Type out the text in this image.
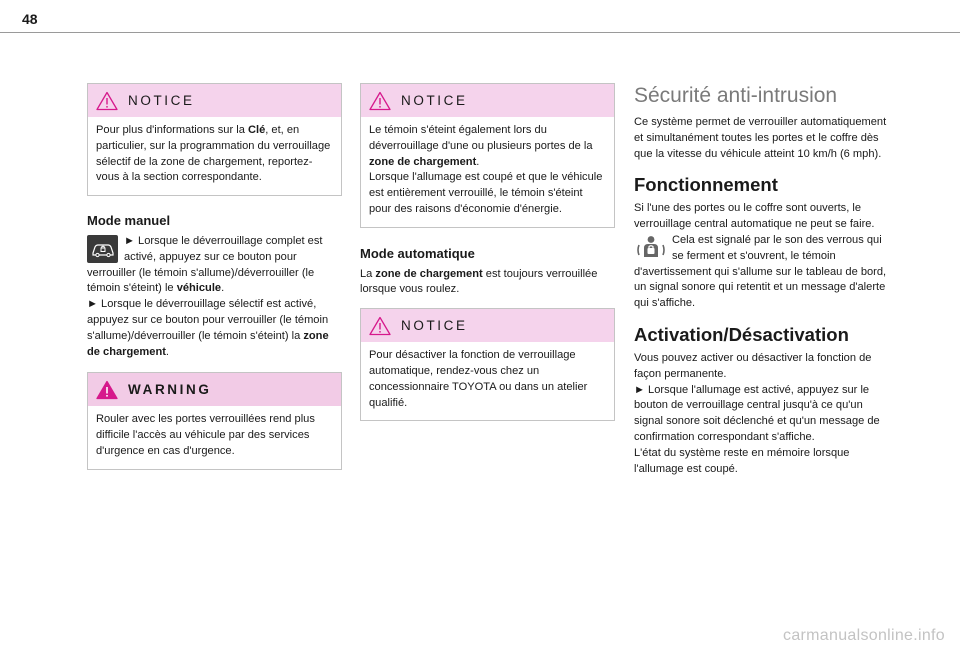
48
NOTICE

Pour plus d'informations sur la Clé, et, en particulier, sur la programmation du verrouillage sélectif de la zone de chargement, reportez-vous à la section correspondante.

Mode manuel

► Lorsque le déverrouillage complet est activé, appuyez sur ce bouton pour verrouiller (le témoin s'allume)/déverrouiller (le témoin s'éteint) le véhicule.

► Lorsque le déverrouillage sélectif est activé, appuyez sur ce bouton pour verrouiller (le témoin s'allume)/déverrouiller (le témoin s'éteint) la zone de chargement.

WARNING

Rouler avec les portes verrouillées rend plus difficile l'accès au véhicule par des services d'urgence en cas d'urgence.

NOTICE

Le témoin s'éteint également lors du déverrouillage d'une ou plusieurs portes de la zone de chargement.

Lorsque l'allumage est coupé et que le véhicule est entièrement verrouillé, le témoin s'éteint pour des raisons d'économie d'énergie.

Mode automatique

La zone de chargement est toujours verrouillée lorsque vous roulez.

NOTICE

Pour désactiver la fonction de verrouillage automatique, rendez-vous chez un concessionnaire TOYOTA ou dans un atelier qualifié.

Sécurité anti-intrusion

Ce système permet de verrouiller automatiquement et simultanément toutes les portes et le coffre dès que la vitesse du véhicule atteint 10 km/h (6 mph).

Fonctionnement

Si l'une des portes ou le coffre sont ouverts, le verrouillage central automatique ne peut se faire.

Cela est signalé par le son des verrous qui se ferment et s'ouvrent, le témoin d'avertissement qui s'allume sur le tableau de bord, un signal sonore qui retentit et un message d'alerte qui s'affiche.

Activation/Désactivation

Vous pouvez activer ou désactiver la fonction de façon permanente.

► Lorsque l'allumage est activé, appuyez sur le bouton de verrouillage central jusqu'à ce qu'un signal sonore soit déclenché et qu'un message de confirmation correspondant s'affiche.

L'état du système reste en mémoire lorsque l'allumage est coupé.

carmanualsonline.info
